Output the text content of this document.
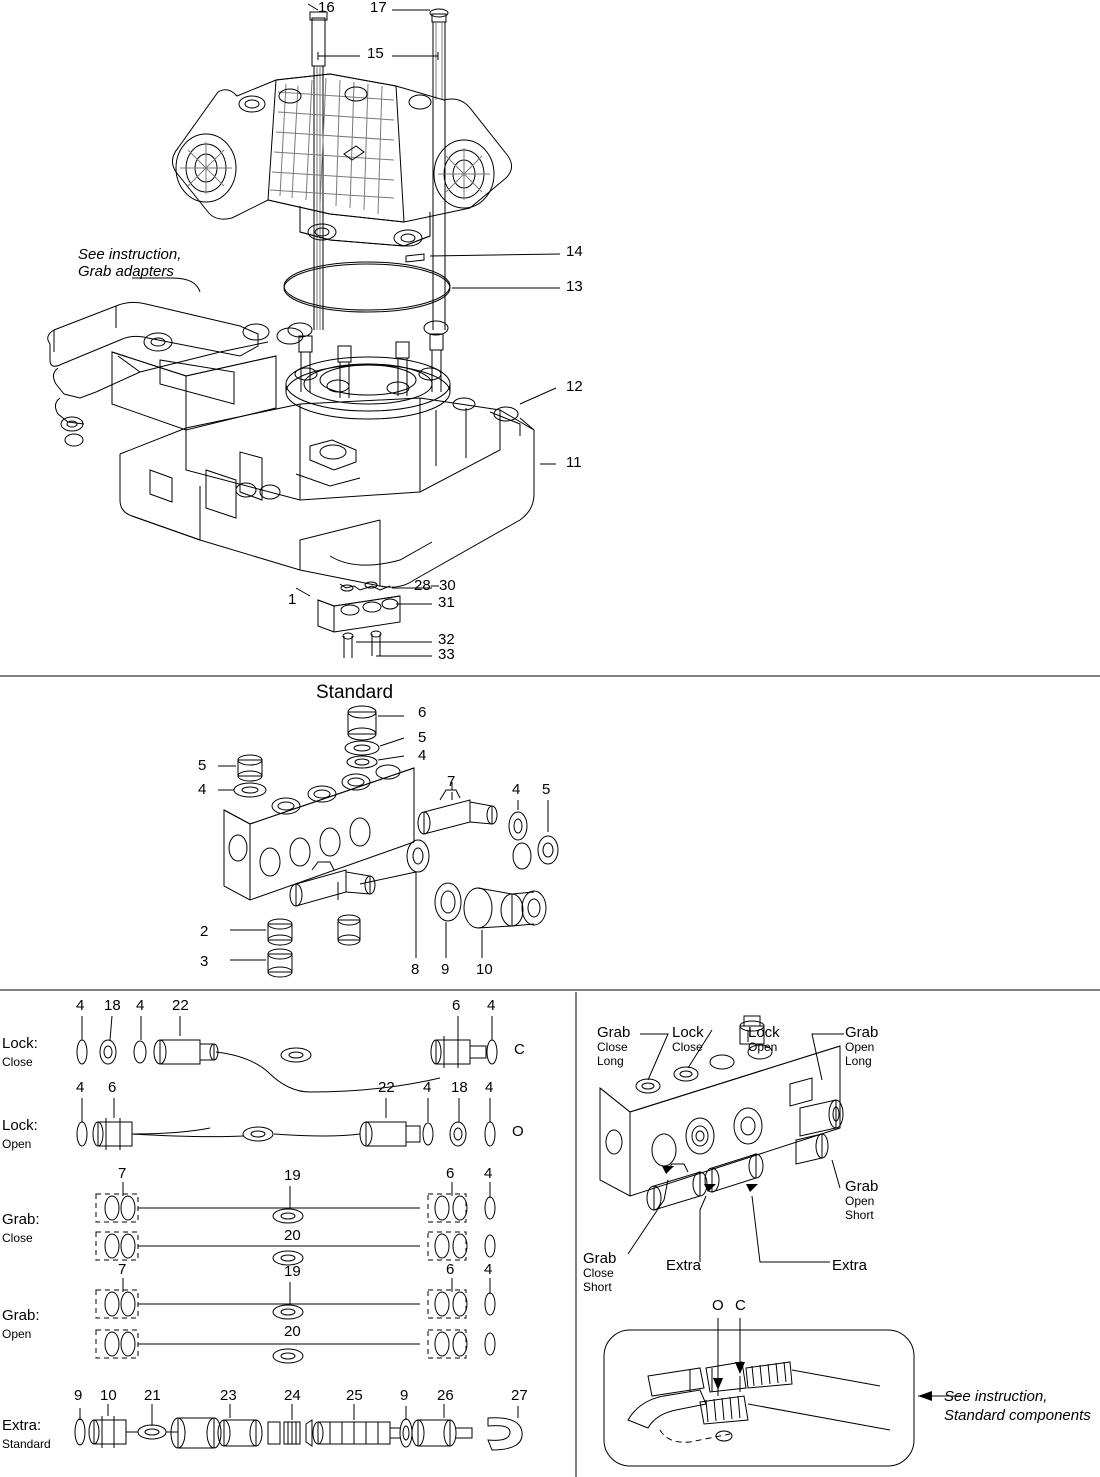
16 17
15
14
13
12
11
1
28–30
31
32
33
See instruction,
Grab adapters
Standard
6
5
4
5
4	7	4 5
2
3	8 9 10
Lock:
Close
Lock:
Open
Grab:
Close
Grab:
Open
Extra:
Standard
4 18 4 22	6 4
C
4 6	22 4 18 4
O
7	19
20
6 4
7	19
20
6 4
9 10 21	23	24	25 9 26	27
Grab
Close
Long
Lock
Close
Lock
Open
Grab
Open
Long
Grab
Open
Short
Grab
Close
Short
Extra	Extra
O C
See instruction,
Standard components
